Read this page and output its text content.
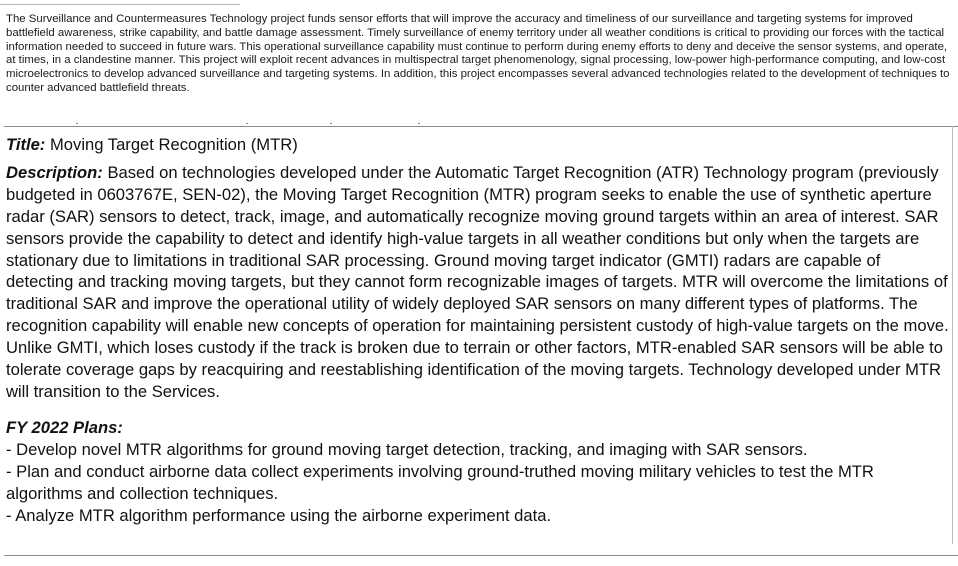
The Surveillance and Countermeasures Technology project funds sensor efforts that will improve the accuracy and timeliness of our surveillance and targeting systems for improved battlefield awareness, strike capability, and battle damage assessment. Timely surveillance of enemy territory under all weather conditions is critical to providing our forces with the tactical information needed to succeed in future wars. This operational surveillance capability must continue to perform during enemy efforts to deny and deceive the sensor systems, and operate, at times, in a clandestine manner. This project will exploit recent advances in multispectral target phenomenology, signal processing, low-power high-performance computing, and low-cost microelectronics to develop advanced surveillance and targeting systems. In addition, this project encompasses several advanced technologies related to the development of techniques to counter advanced battlefield threats.

Title: Moving Target Recognition (MTR)

Description: Based on technologies developed under the Automatic Target Recognition (ATR) Technology program (previously budgeted in 0603767E, SEN-02), the Moving Target Recognition (MTR) program seeks to enable the use of synthetic aperture radar (SAR) sensors to detect, track, image, and automatically recognize moving ground targets within an area of interest. SAR sensors provide the capability to detect and identify high-value targets in all weather conditions but only when the targets are stationary due to limitations in traditional SAR processing. Ground moving target indicator (GMTI) radars are capable of detecting and tracking moving targets, but they cannot form recognizable images of targets. MTR will overcome the limitations of traditional SAR and improve the operational utility of widely deployed SAR sensors on many different types of platforms. The recognition capability will enable new concepts of operation for maintaining persistent custody of high-value targets on the move. Unlike GMTI, which loses custody if the track is broken due to terrain or other factors, MTR-enabled SAR sensors will be able to tolerate coverage gaps by reacquiring and reestablishing identification of the moving targets. Technology developed under MTR will transition to the Services.

FY 2022 Plans:

- Develop novel MTR algorithms for ground moving target detection, tracking, and imaging with SAR sensors.

- Plan and conduct airborne data collect experiments involving ground-truthed moving military vehicles to test the MTR algorithms and collection techniques.

- Analyze MTR algorithm performance using the airborne experiment data.
